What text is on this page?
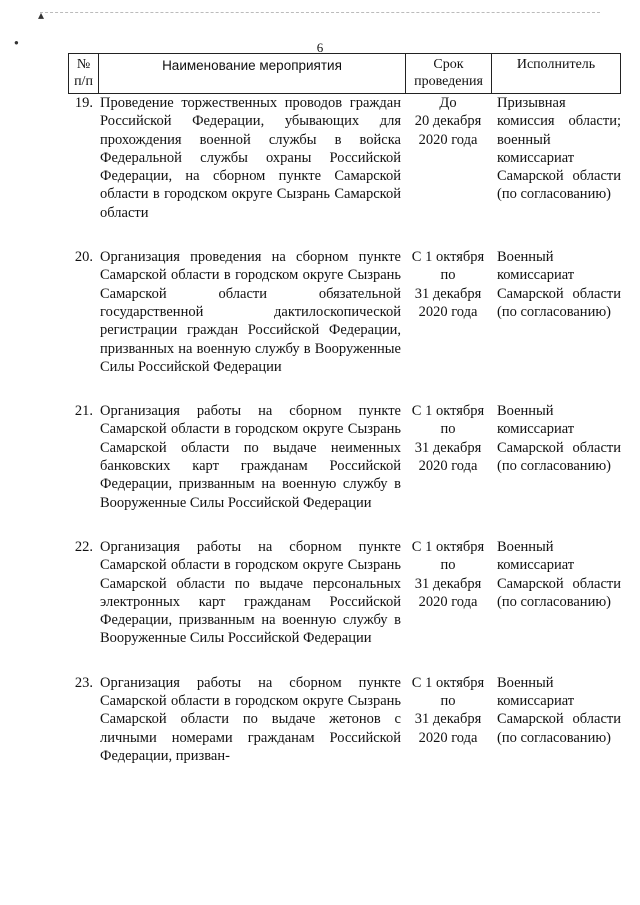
▴
●	6
№ п/п
Наименование мероприятия	Срок проведения
Исполнитель
19. Проведение торжественных проводов граждан Российской Федерации, убывающих для прохождения военной службы в войска Федеральной службы охраны Российской Федерации, на сборном пункте Самарской области в городском округе Сызрань Самарской области
До
20 декабря
2020 года
Призывная комиссия области; военный комиссариат Самарской области (по согласованию)
20. Организация проведения на сборном пункте Самарской области в городском округе Сызрань Самарской области обязательной государственной дактилоскопической регистрации граждан Российской Федерации, призванных на военную службу в Вооруженные Силы Российской Федерации
С 1 октября
по
31 декабря
2020 года
Военный комиссариат Самарской области (по согласованию)
21. Организация работы на сборном пункте Самарской области в городском округе Сызрань Самарской области по выдаче неименных банковских карт гражданам Российской Федерации, призванным на военную службу в Вооруженные Силы Российской Федерации
С 1 октября
по
31 декабря
2020 года
Военный комиссариат Самарской области (по согласованию)
22. Организация работы на сборном пункте Самарской области в городском округе Сызрань Самарской области по выдаче персональных электронных карт гражданам Российской Федерации, призванным на военную службу в Вооруженные Силы Российской Федерации
С 1 октября
по
31 декабря
2020 года
Военный комиссариат Самарской области (по согласованию)
23. Организация работы на сборном пункте Самарской области в городском округе Сызрань Самарской области по выдаче жетонов с личными номерами гражданам Российской Федерации, призван-
С 1 октября
по
31 декабря
2020 года
Военный комиссариат Самарской области (по согласованию)
